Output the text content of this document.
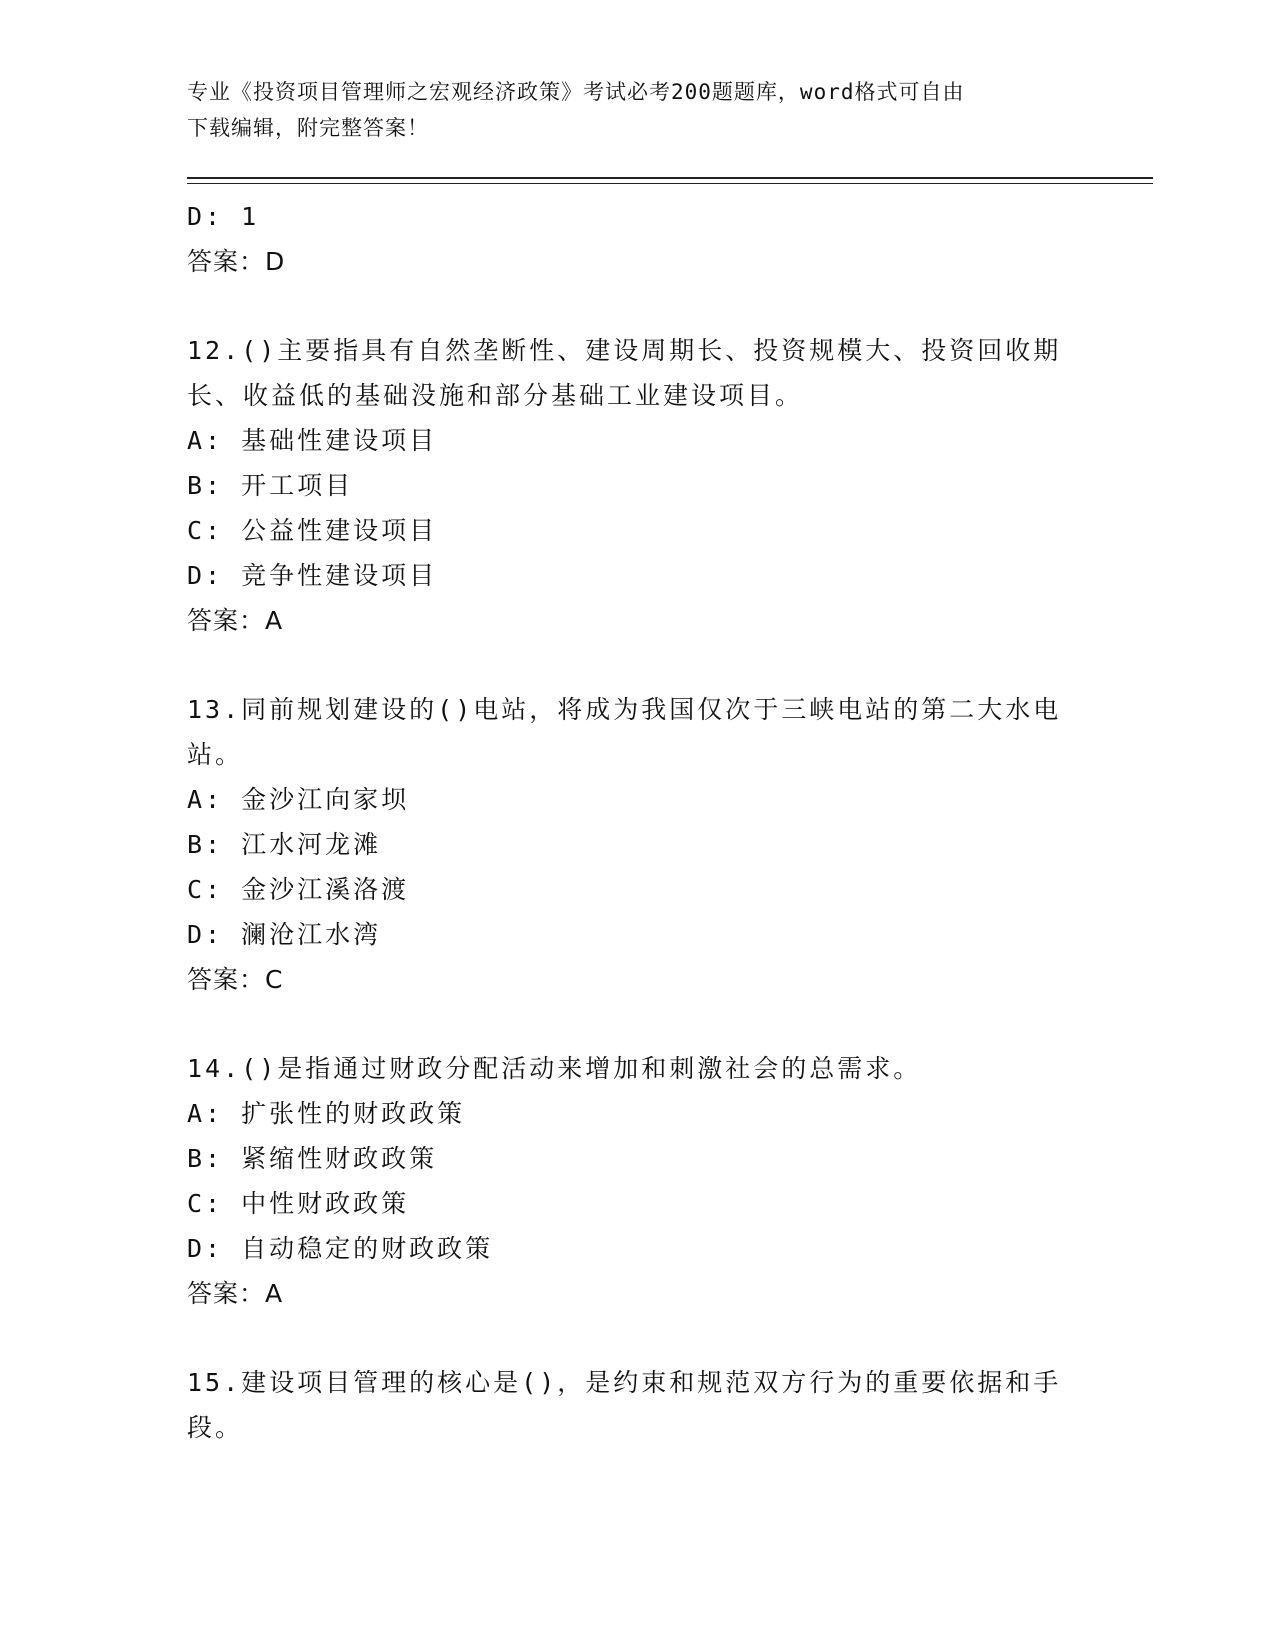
专业《投资项目管理师之宏观经济政策》考试必考200题题库，word格式可自由
下载编辑，附完整答案！
D: 1
答案：D
12.()主要指具有自然垄断性、建设周期长、投资规模大、投资回收期
长、收益低的基础没施和部分基础工业建设项目。
A: 基础性建设项目
B: 开工项目
C: 公益性建设项目
D: 竞争性建设项目
答案：A
13.同前规划建设的()电站，将成为我国仅次于三峡电站的第二大水电
站。
A: 金沙江向家坝
B: 江水河龙滩
C: 金沙江溪洛渡
D: 澜沧江水湾
答案：C
14.()是指通过财政分配活动来增加和刺激社会的总需求。
A: 扩张性的财政政策
B: 紧缩性财政政策
C: 中性财政政策
D: 自动稳定的财政政策
答案：A
15.建设项目管理的核心是()，是约束和规范双方行为的重要依据和手
段。
